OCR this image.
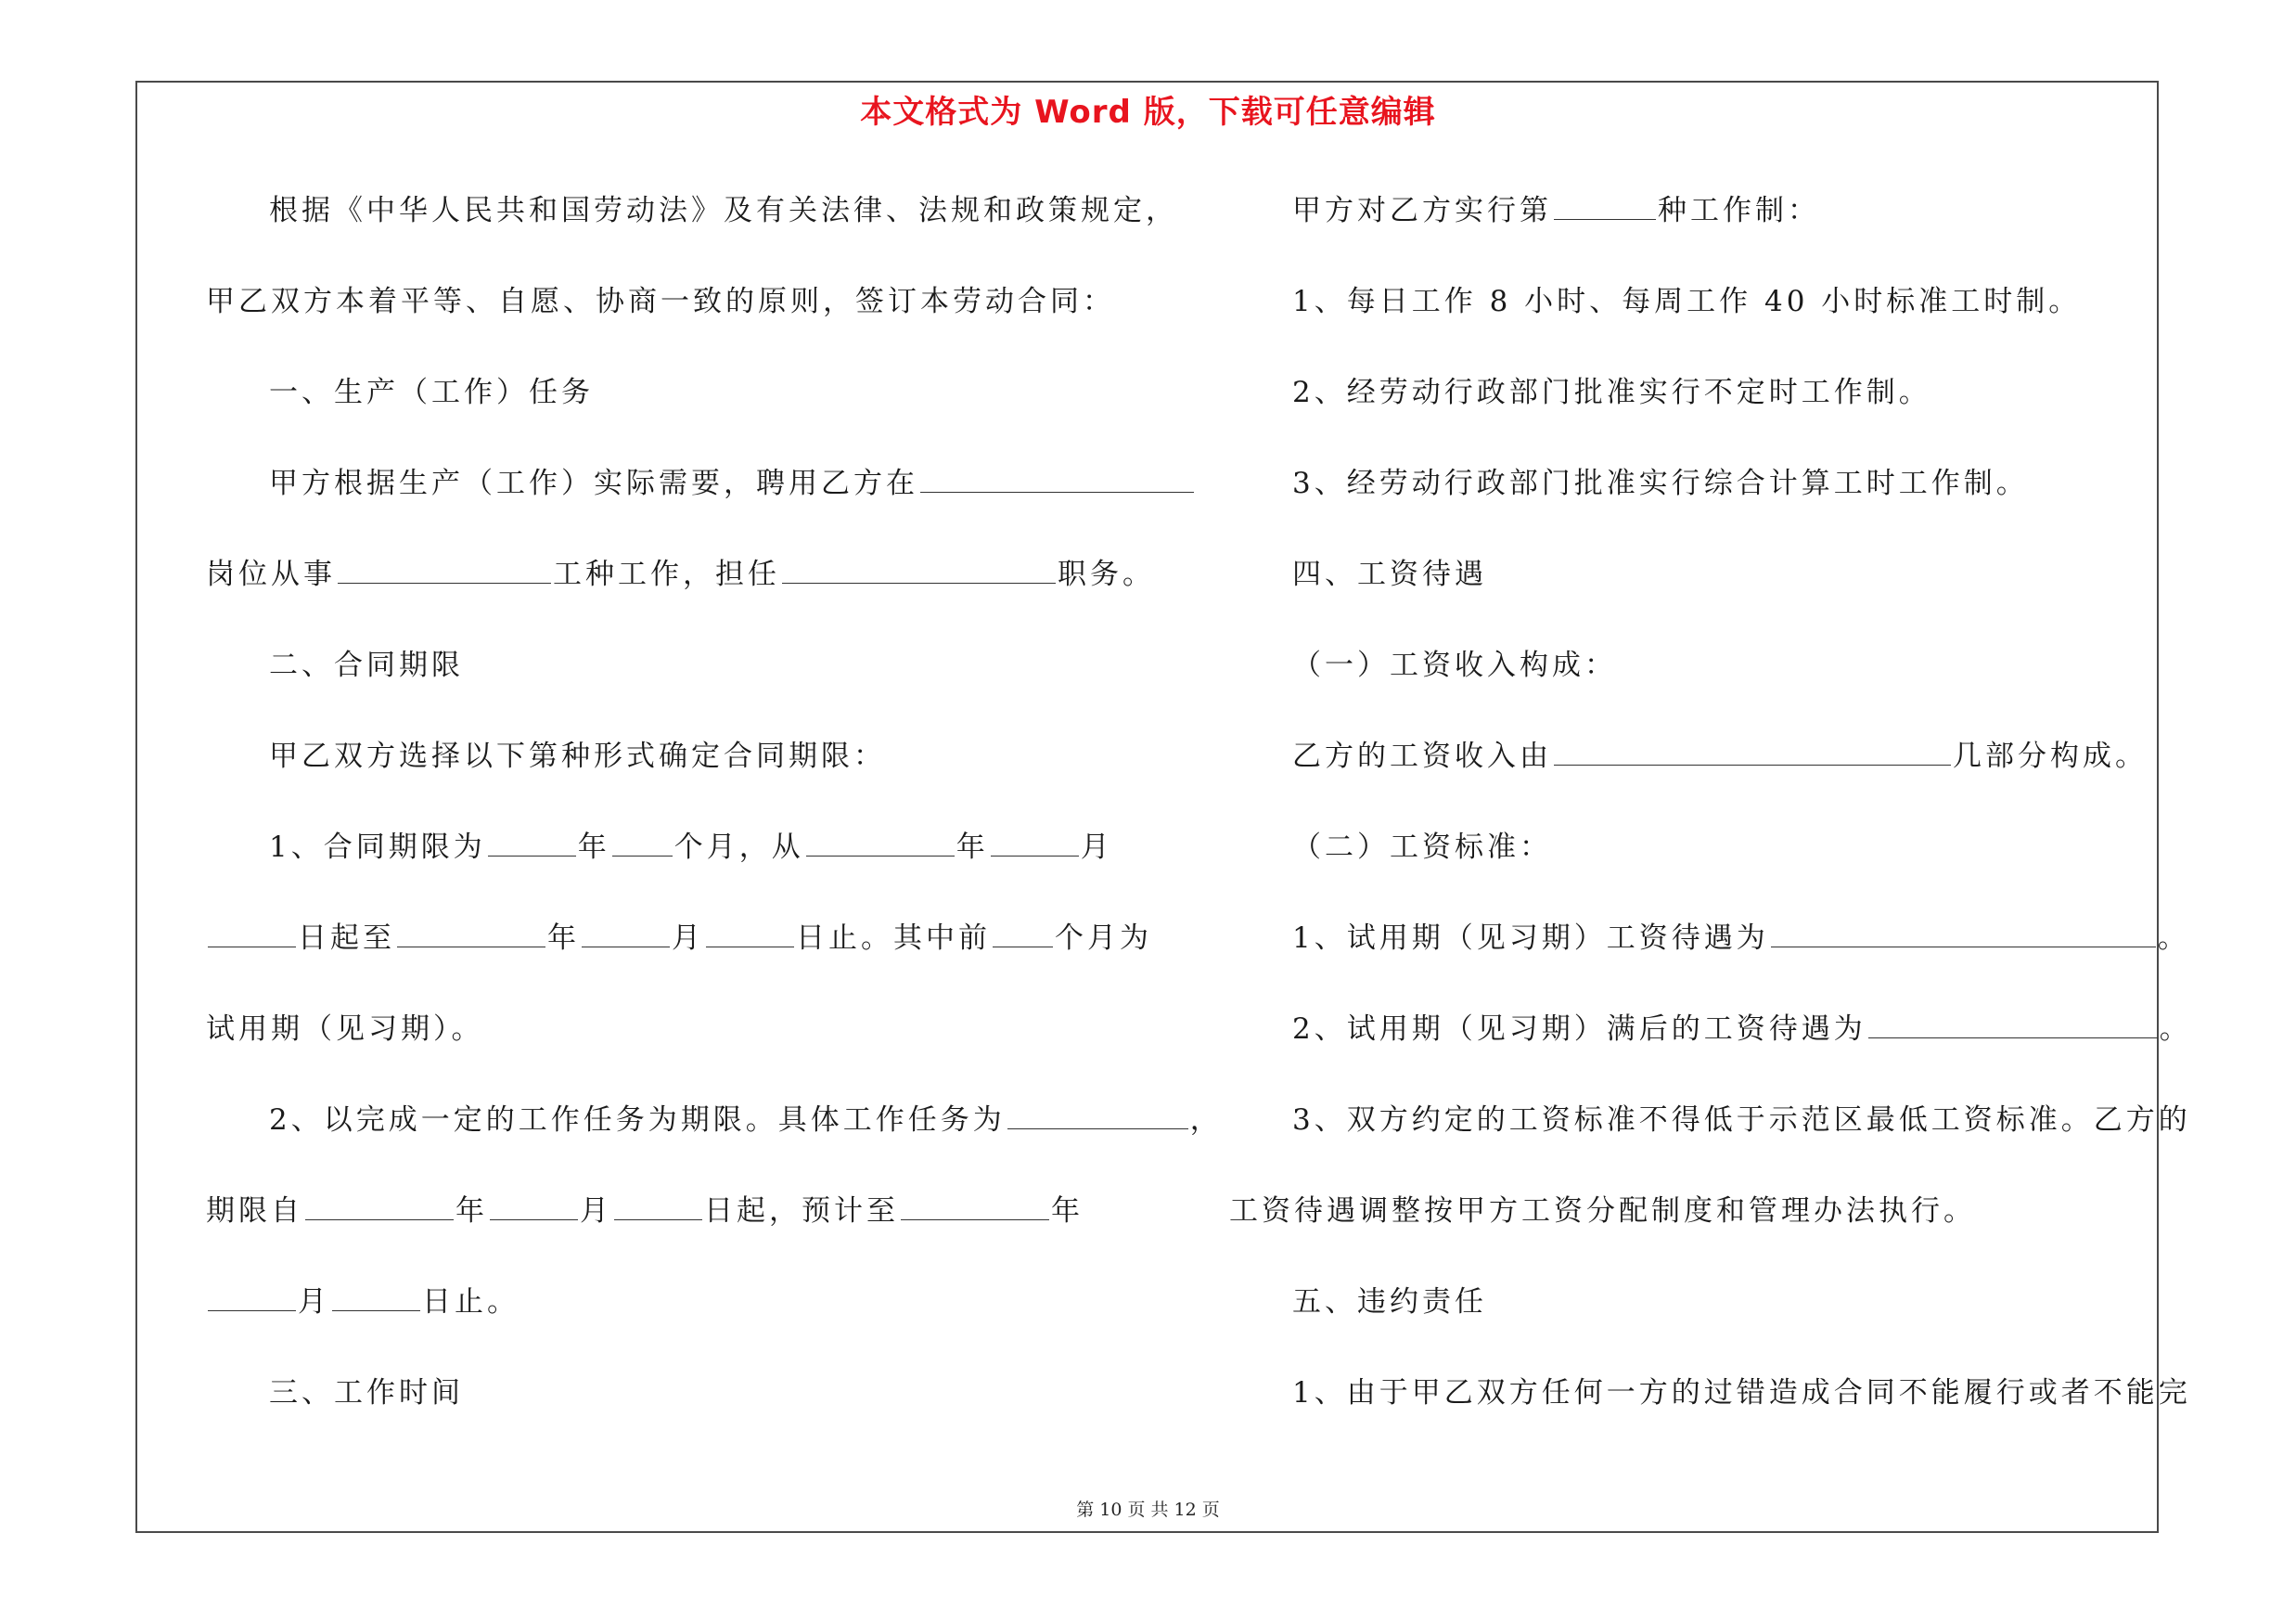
本文格式为 Word 版，下载可任意编辑
根据《中华人民共和国劳动法》及有关法律、法规和政策规定，
甲乙双方本着平等、自愿、协商一致的原则，签订本劳动合同：
一、生产（工作）任务
甲方根据生产（工作）实际需要，聘用乙方在
岗位从事	工种工作，担任	职务。
二、合同期限
甲乙双方选择以下第种形式确定合同期限：
1、合同期限为	年 个月，从	年	月
日起至	年	月	日止。其中前 个月为
试用期（见习期）。
2、以完成一定的工作任务为期限。具体工作任务为	，
期限自	年	月	日起，预计至	年
月	日止。
三、工作时间
甲方对乙方实行第	种工作制：
1、每日工作 8 小时、每周工作 40 小时标准工时制。
2、经劳动行政部门批准实行不定时工作制。
3、经劳动行政部门批准实行综合计算工时工作制。
四、工资待遇
（一）工资收入构成：
乙方的工资收入由	几部分构成。
（二）工资标准：
1、试用期（见习期）工资待遇为	。
2、试用期（见习期）满后的工资待遇为	。
3、双方约定的工资标准不得低于示范区最低工资标准。乙方的
工资待遇调整按甲方工资分配制度和管理办法执行。
五、违约责任
1、由于甲乙双方任何一方的过错造成合同不能履行或者不能完
第 10 页 共 12 页
